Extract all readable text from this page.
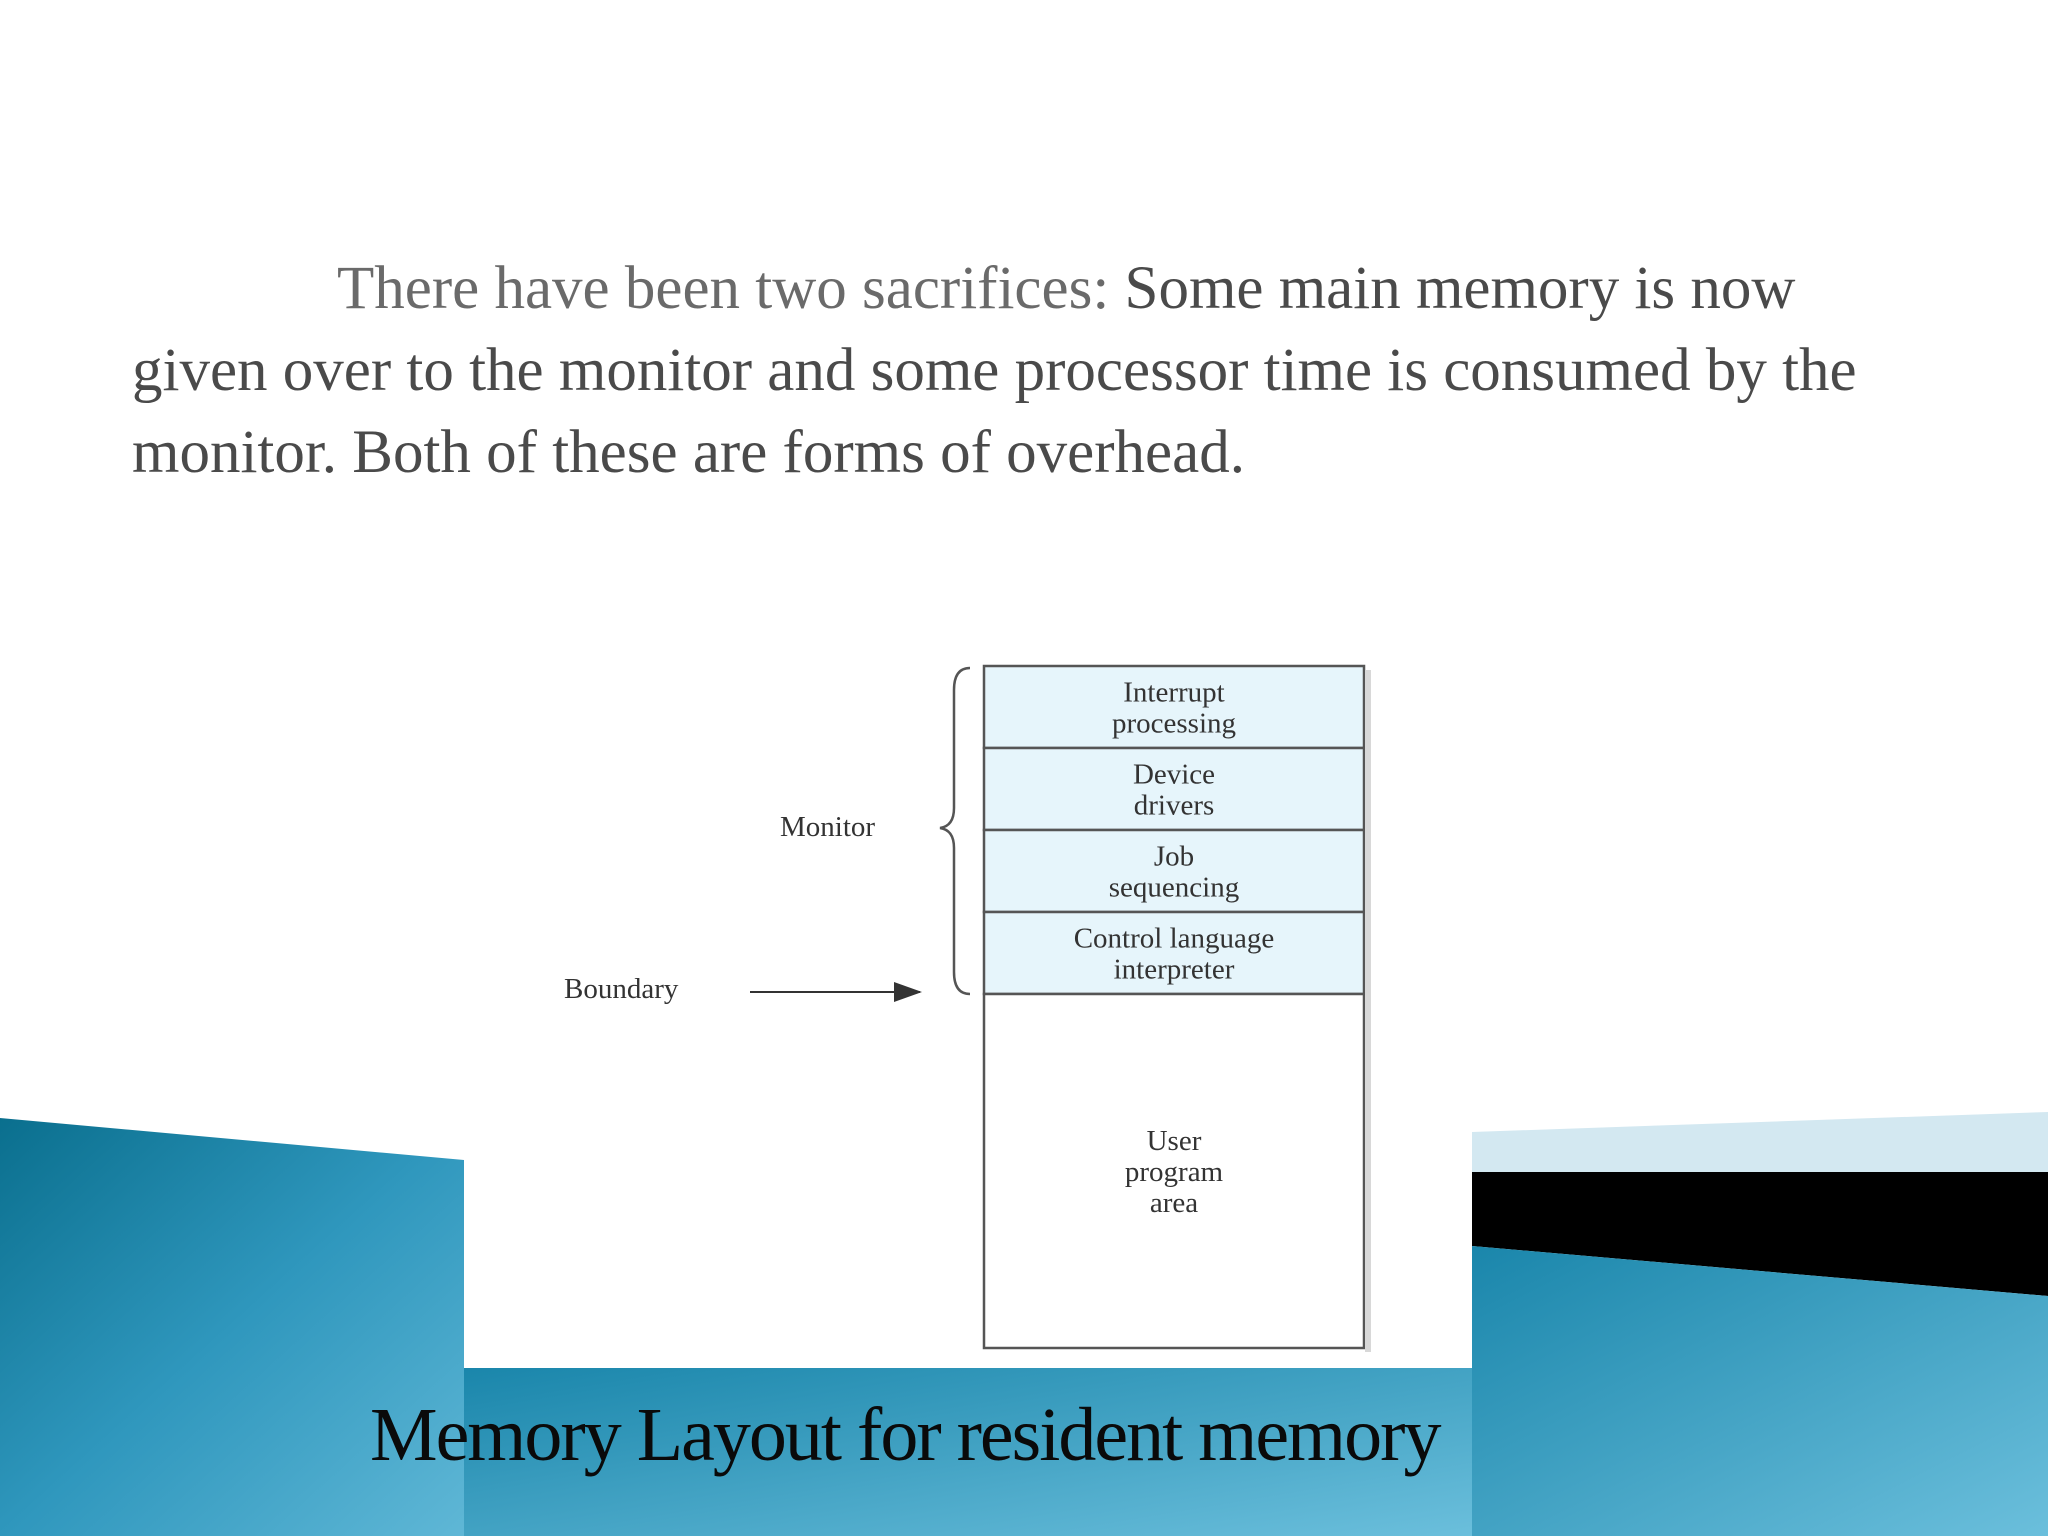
There have been two sacrifices: Some main memory is now given over to the monitor and some processor time is consumed by the monitor. Both of these are forms of overhead.

Interrupt
processing
Device
drivers
Job
sequencing
Control language
interpreter
User
program
area
Monitor
Boundary

Memory Layout for resident memory
